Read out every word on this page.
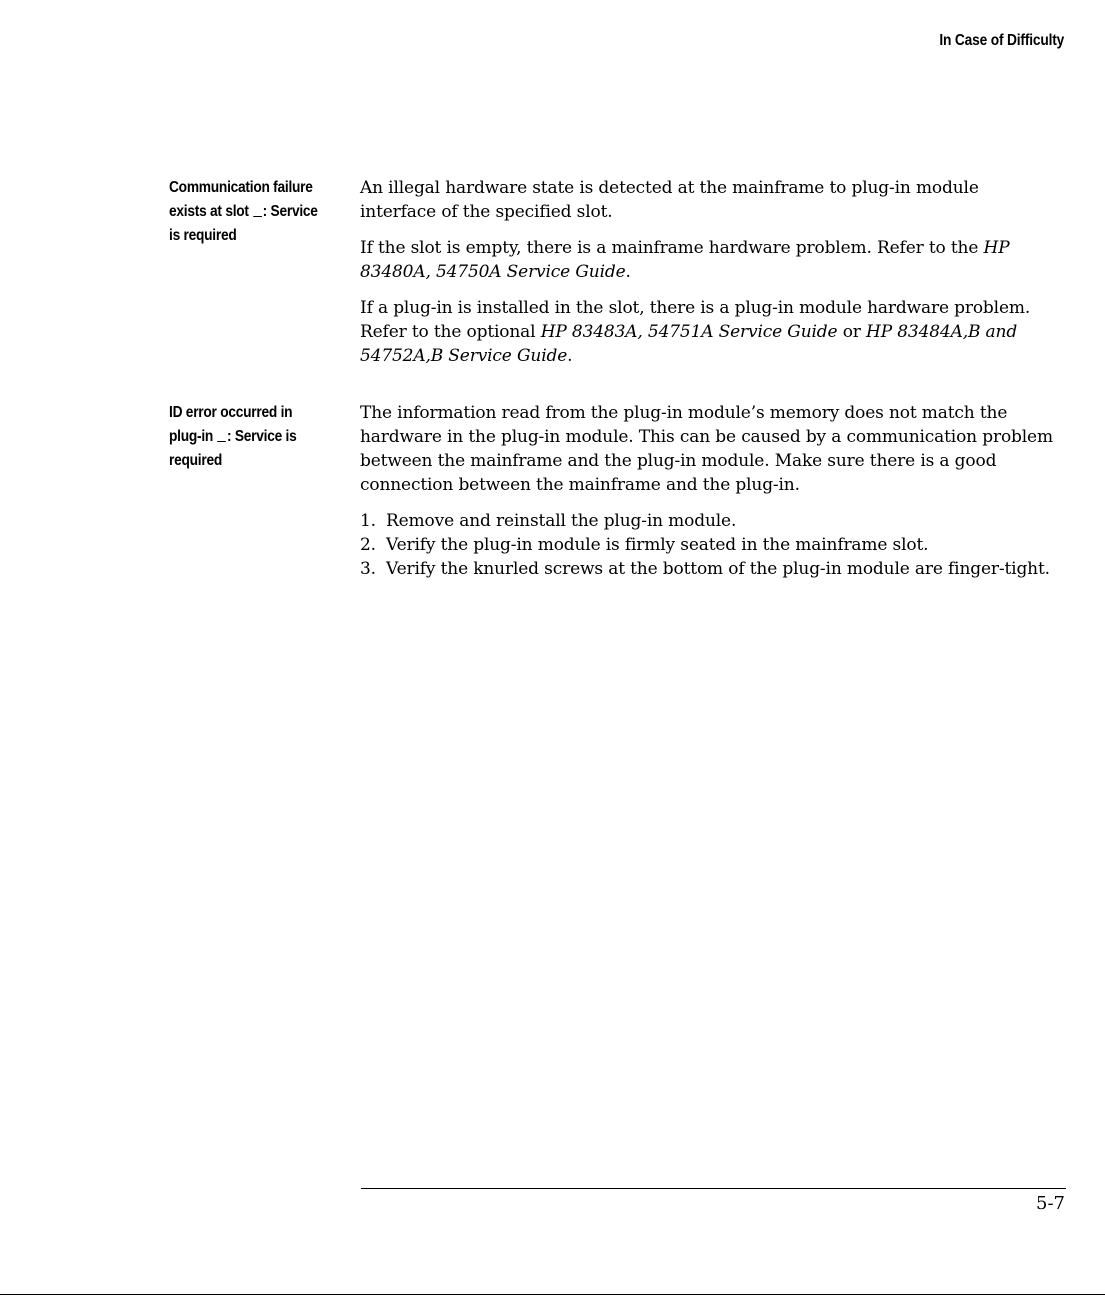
In Case of Difficulty
Communication failure
exists at slot : Service
is required

An illegal hardware state is detected at the mainframe to plug-in module interface of the specified slot.

If the slot is empty, there is a mainframe hardware problem. Refer to the HP 83480A, 54750A Service Guide.

If a plug-in is installed in the slot, there is a plug-in module hardware problem. Refer to the optional HP 83483A, 54751A Service Guide or HP 83484A,B and 54752A,B Service Guide.

ID error occurred in
plug-in : Service is
required

The information read from the plug-in module’s memory does not match the hardware in the plug-in module. This can be caused by a communication problem between the mainframe and the plug-in module. Make sure there is a good connection between the mainframe and the plug-in.

1. Remove and reinstall the plug-in module.
2. Verify the plug-in module is firmly seated in the mainframe slot.
3. Verify the knurled screws at the bottom of the plug-in module are finger-tight.
5-7
